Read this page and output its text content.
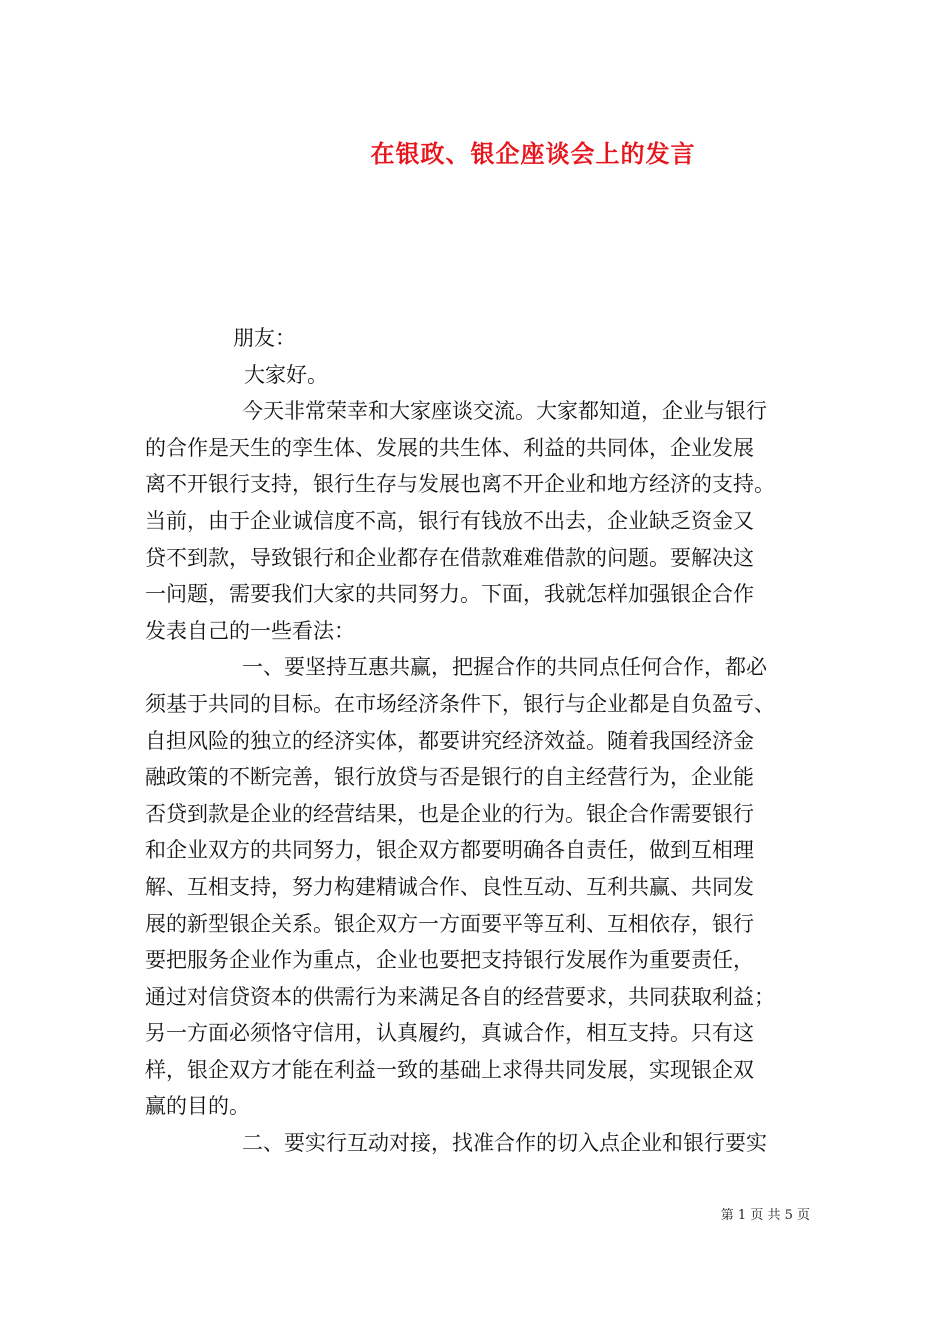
在银政、银企座谈会上的发言

朋友：

大家好。

今天非常荣幸和大家座谈交流。大家都知道，企业与银行
的合作是天生的孪生体、发展的共生体、利益的共同体，企业发展
离不开银行支持，银行生存与发展也离不开企业和地方经济的支持。
当前，由于企业诚信度不高，银行有钱放不出去，企业缺乏资金又
贷不到款，导致银行和企业都存在借款难难借款的问题。要解决这
一问题，需要我们大家的共同努力。下面，我就怎样加强银企合作
发表自己的一些看法：

一、要坚持互惠共赢，把握合作的共同点任何合作，都必
须基于共同的目标。在市场经济条件下，银行与企业都是自负盈亏、
自担风险的独立的经济实体，都要讲究经济效益。随着我国经济金
融政策的不断完善，银行放贷与否是银行的自主经营行为，企业能
否贷到款是企业的经营结果，也是企业的行为。银企合作需要银行
和企业双方的共同努力，银企双方都要明确各自责任，做到互相理
解、互相支持，努力构建精诚合作、良性互动、互利共赢、共同发
展的新型银企关系。银企双方一方面要平等互利、互相依存，银行
要把服务企业作为重点，企业也要把支持银行发展作为重要责任，
通过对信贷资本的供需行为来满足各自的经营要求，共同获取利益；
另一方面必须恪守信用，认真履约，真诚合作，相互支持。只有这
样，银企双方才能在利益一致的基础上求得共同发展，实现银企双
赢的目的。

二、要实行互动对接，找准合作的切入点企业和银行要实

第 1 页 共 5 页
